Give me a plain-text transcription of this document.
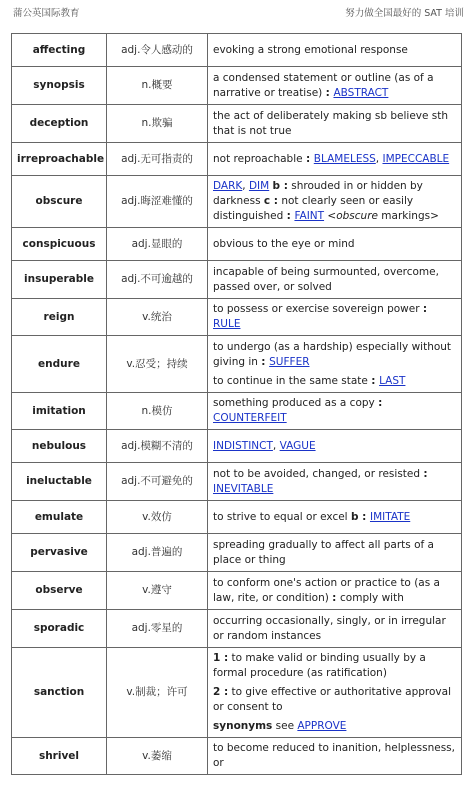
蒲公英国际教育	努力做全国最好的 SAT 培训
affecting	adj.令人感动的	evoking a strong emotional response
synopsis	n.概要	a condensed statement or outline (as of a narrative or treatise) : ABSTRACT
deception	n.欺骗	the act of deliberately making sb believe sth that is not true
irreproachable	adj.无可指责的	not reproachable : BLAMELESS, IMPECCABLE
obscure	adj.晦涩难懂的	DARK, DIM b : shrouded in or hidden by darkness c : not clearly seen or easily distinguished : FAINT <obscure markings>
conspicuous	adj.显眼的	obvious to the eye or mind
insuperable	adj.不可逾越的	incapable of being surmounted, overcome, passed over, or solved
reign	v.统治	to possess or exercise sovereign power : RULE
endure	v.忍受；持续	to undergo (as a hardship) especially without giving in : SUFFER
to continue in the same state : LAST
imitation	n.模仿	something produced as a copy : COUNTERFEIT
nebulous	adj.模糊不清的	INDISTINCT, VAGUE
ineluctable	adj.不可避免的	not to be avoided, changed, or resisted : INEVITABLE
emulate	v.效仿	to strive to equal or excel b : IMITATE
pervasive	adj.普遍的	spreading gradually to affect all parts of a place or thing
observe	v.遵守	to conform one's action or practice to (as a law, rite, or condition) : comply with
sporadic	adj.零星的	occurring occasionally, singly, or in irregular or random instances
sanction	v.制裁；许可	1 : to make valid or binding usually by a formal procedure (as ratification)
2 : to give effective or authoritative approval or consent to
synonyms see APPROVE
shrivel	v.萎缩	to become reduced to inanition, helplessness, or
